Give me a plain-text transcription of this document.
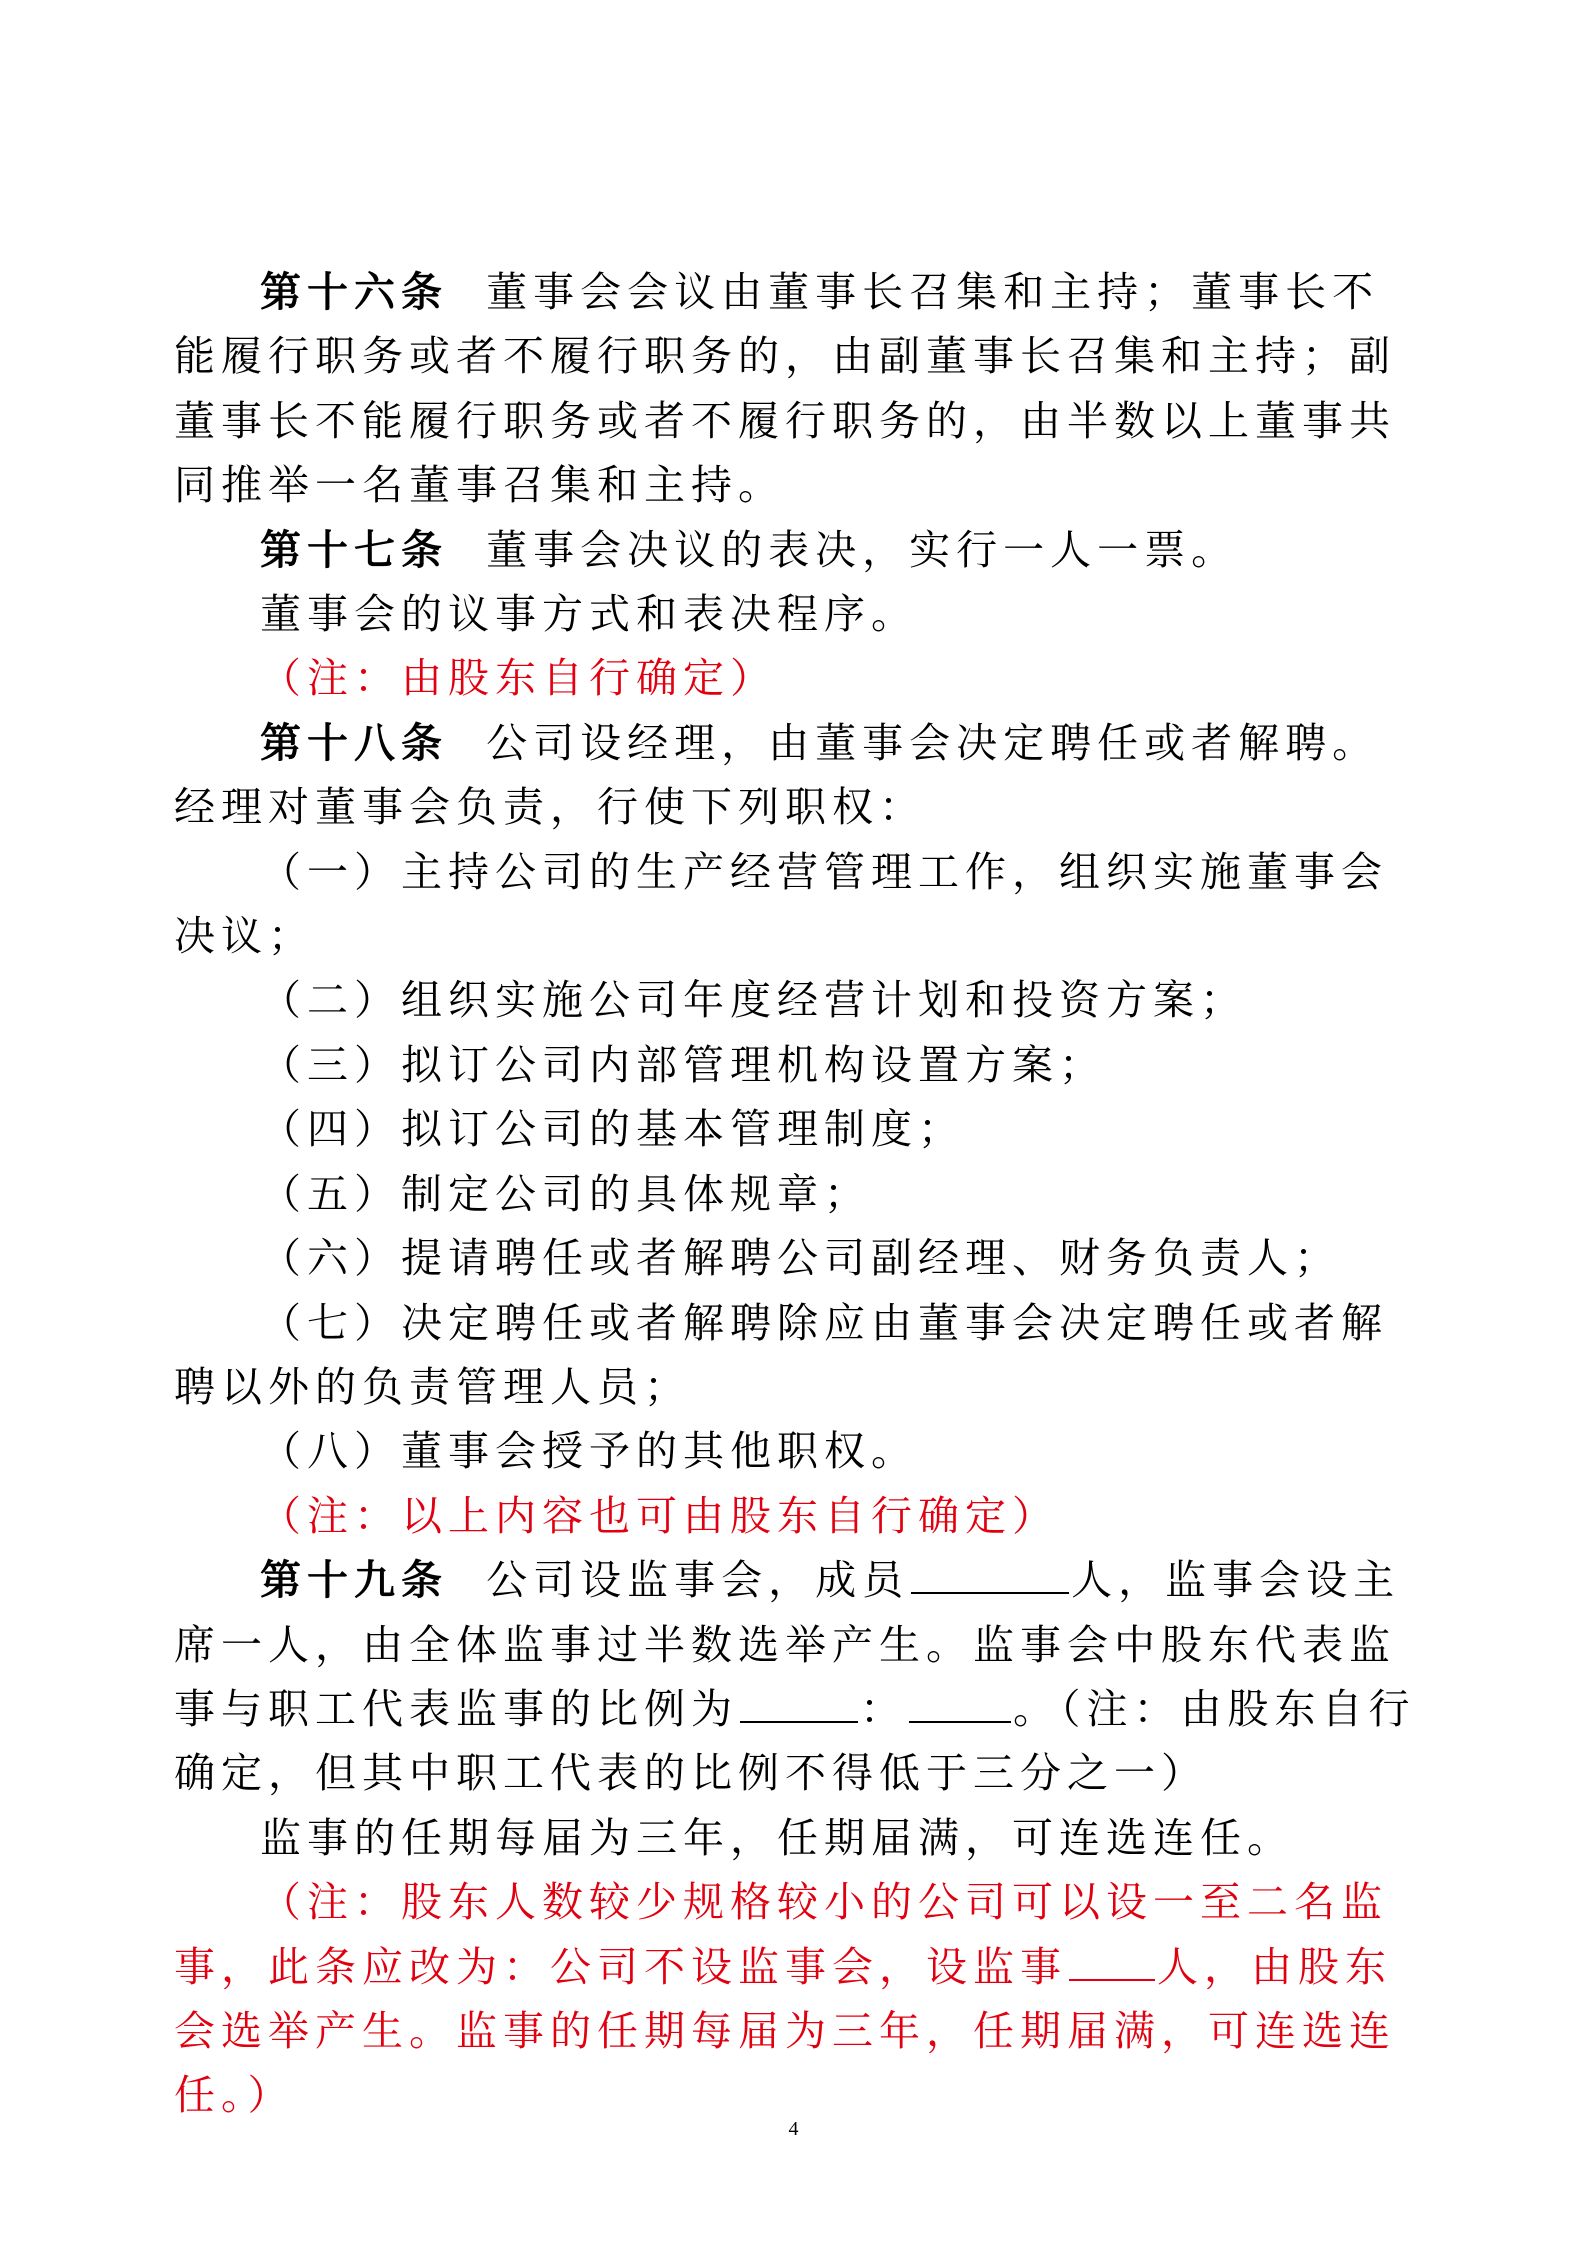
第十六条 董事会会议由董事长召集和主持；董事长不能履行职务或者不履行职务的，由副董事长召集和主持；副董事长不能履行职务或者不履行职务的，由半数以上董事共同推举一名董事召集和主持。

第十七条 董事会决议的表决，实行一人一票。

董事会的议事方式和表决程序。

（注：由股东自行确定）

第十八条 公司设经理，由董事会决定聘任或者解聘。经理对董事会负责，行使下列职权：

（一）主持公司的生产经营管理工作，组织实施董事会决议；

（二）组织实施公司年度经营计划和投资方案；

（三）拟订公司内部管理机构设置方案；

（四）拟订公司的基本管理制度；

（五）制定公司的具体规章；

（六）提请聘任或者解聘公司副经理、财务负责人；

（七）决定聘任或者解聘除应由董事会决定聘任或者解聘以外的负责管理人员；

（八）董事会授予的其他职权。

（注：以上内容也可由股东自行确定）

第十九条 公司设监事会，成员	人，监事会设主席一人，由全体监事过半数选举产生。监事会中股东代表监事与职工代表监事的比例为	：	。（注：由股东自行确定，但其中职工代表的比例不得低于三分之一）

监事的任期每届为三年，任期届满，可连选连任。

（注：股东人数较少规格较小的公司可以设一至二名监事，此条应改为：公司不设监事会，设监事 人，由股东会选举产生。监事的任期每届为三年，任期届满，可连选连任。）

4
